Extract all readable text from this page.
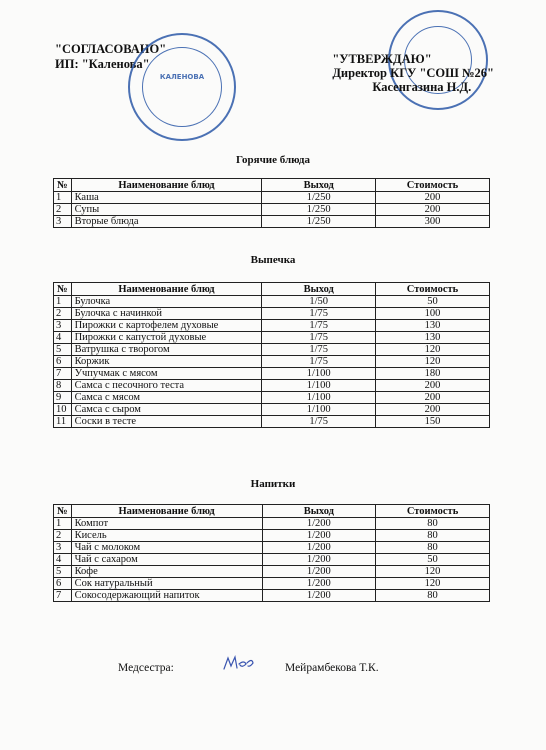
"СОГЛАСОВАНО"
ИП: "Каленова"
КАЛЕНОВА
"УТВЕРЖДАЮ"
Директор КГУ "СОШ №26"
Касенгазина Н.Д.
Горячие блюда
№	Наименование блюд	Выход	Стоимость
1	Каша	1/250	200
2	Супы	1/250	200
3	Вторые блюда	1/250	300
Выпечка
№	Наименование блюд	Выход	Стоимость
1	Булочка	1/50	50
2	Булочка с начинкой	1/75	100
3	Пирожки с картофелем духовые	1/75	130
4	Пирожки с капустой духовые	1/75	130
5	Ватрушка с творогом	1/75	120
6	Коржик	1/75	120
7	Учпучмак с мясом	1/100	180
8	Самса с песочного теста	1/100	200
9	Самса с мясом	1/100	200
10	Самса с сыром	1/100	200
11	Соски в тесте	1/75	150
Напитки
№	Наименование блюд	Выход	Стоимость
1	Компот	1/200	80
2	Кисель	1/200	80
3	Чай с молоком	1/200	80
4	Чай с сахаром	1/200	50
5	Кофе	1/200	120
6	Сок натуральный	1/200	120
7	Сокосодержающий напиток	1/200	80
Медсестра:	Мейрамбекова Т.К.
